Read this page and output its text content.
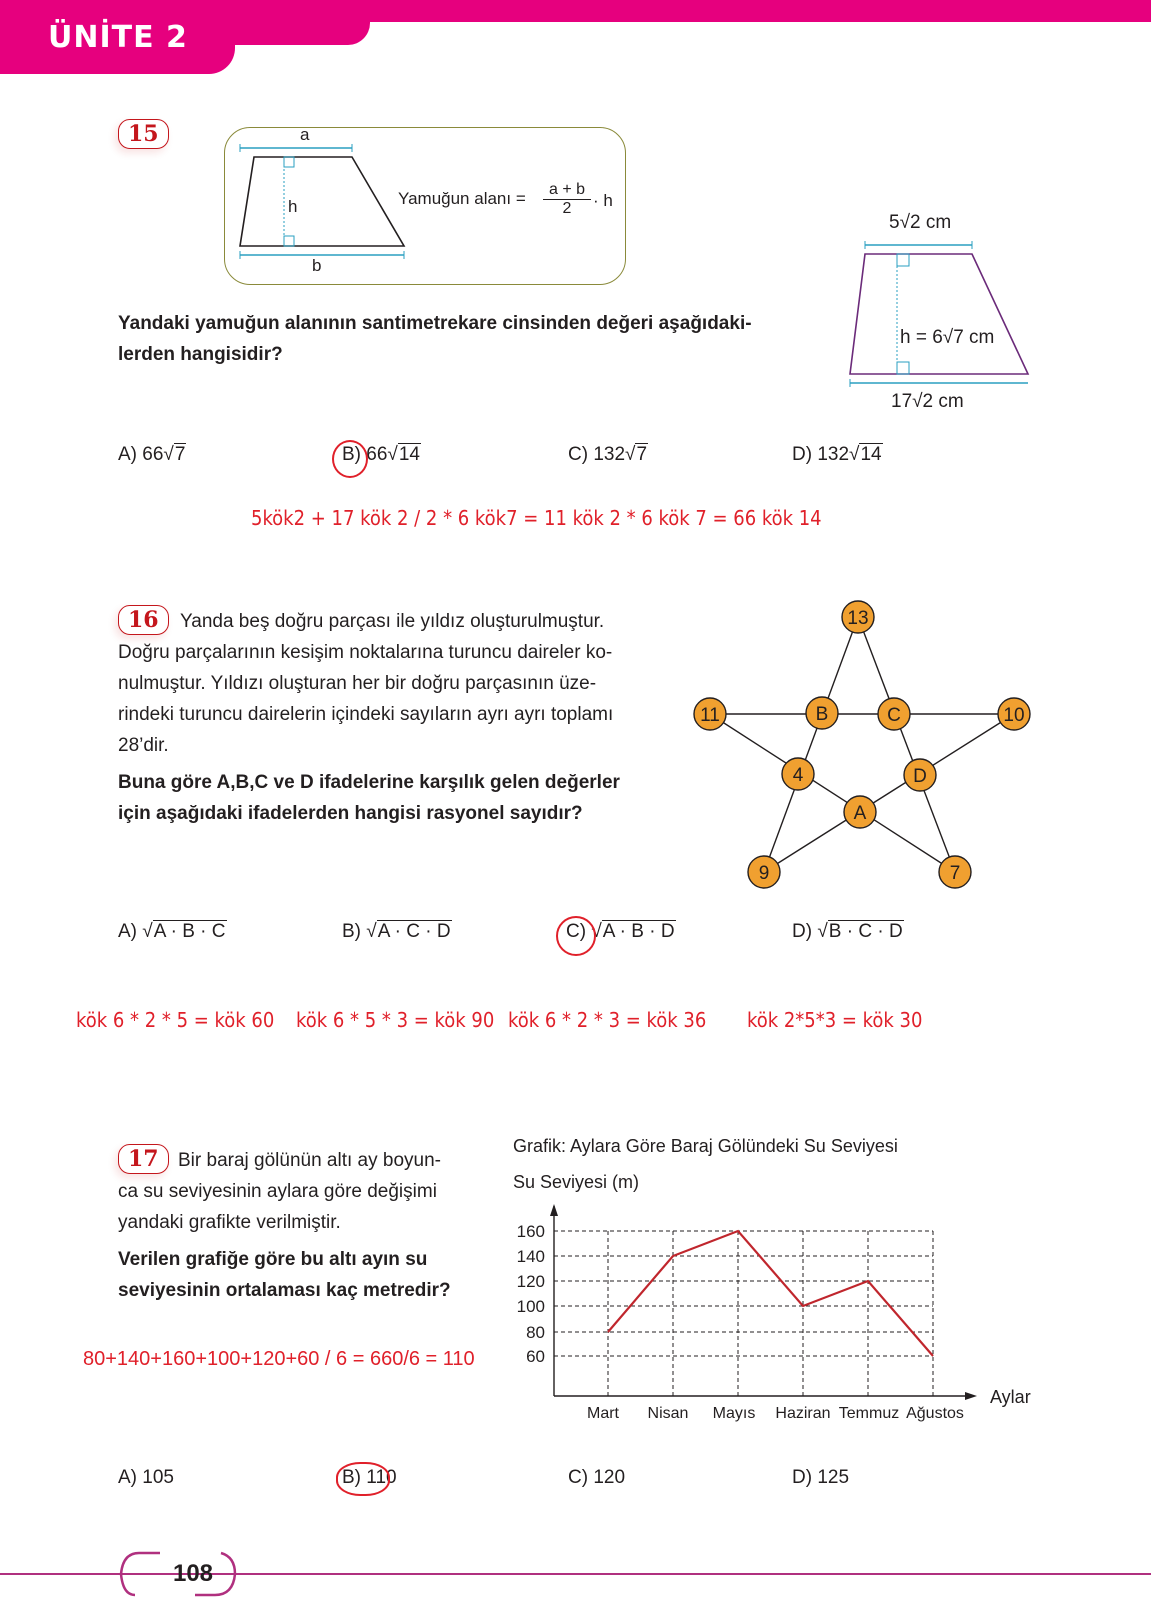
ÜNİTE 2
15	a
h
b
Yamuğun alanı = $\frac{a + b}{2} \cdot h$
5√2 cm
h = 6√7 cm
17√2 cm
Yandaki yamuğun alanının santimetrekare cinsinden değeri aşağıdaki-
lerden hangisidir?
A) 66√7	B) 66√14	C) 132√7	D) 132√14
5kök2 + 17 kök 2 / 2 * 6 kök7 = 11 kök 2 * 6 kök 7 = 66 kök 14
16	Yanda beş doğru parçası ile yıldız oluşturulmuştur.
Doğru parçalarının kesişim noktalarına turuncu daireler ko-
nulmuştur. Yıldızı oluşturan her bir doğru parçasının üze-
rindeki turuncu dairelerin içindeki sayıların ayrı ayrı toplamı
28’dir.
Buna göre A,B,C ve D ifadelerine karşılık gelen değerler
için aşağıdaki ifadelerden hangisi rasyonel sayıdır?
13
11	10
B	C
4	D
A
9	7
A) √A · B · C	B) √A · C · D	C) √A · B · D	D) √B · C · D
kök 6 * 2 * 5 = kök 60 kök 6 * 5 * 3 = kök 90 kök 6 * 2 * 3 = kök 36 kök 2*5*3 = kök 30
17	Bir baraj gölünün altı ay boyun-
ca su seviyesinin aylara göre değişimi
yandaki grafikte verilmiştir.
Verilen grafiğe göre bu altı ayın su
seviyesinin ortalaması kaç metredir?
80+140+160+100+120+60 / 6 = 660/6 = 110
Grafik: Aylara Göre Baraj Gölündeki Su Seviyesi
Su Seviyesi (m)
160
140
120
100
80
60
Mart Nisan Mayıs Haziran Temmuz Ağustos
Aylar
A) 105	B) 110	C) 120	D) 125
108
